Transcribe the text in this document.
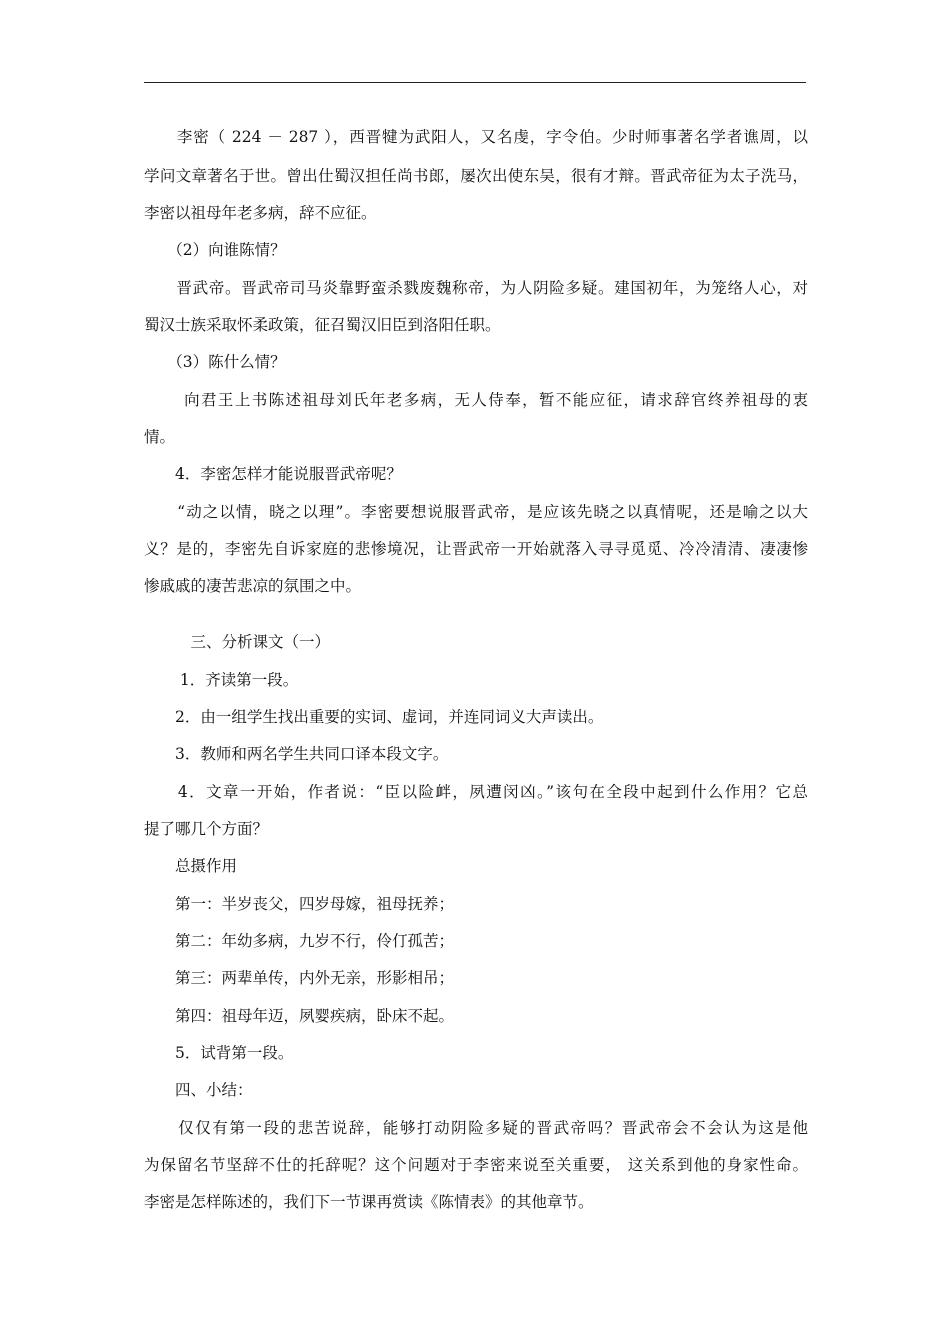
　　李密（ 224 － 287 ），西晋犍为武阳人，又名虔，字令伯。少时师事著名学者谯周，以
学问文章著名于世。曾出仕蜀汉担任尚书郎，屡次出使东吴，很有才辩。晋武帝征为太子洗马，
李密以祖母年老多病，辞不应征。
　　（2）向谁陈情？
　　晋武帝。晋武帝司马炎靠野蛮杀戮废魏称帝，为人阴险多疑。建国初年，为笼络人心，对
蜀汉士族采取怀柔政策，征召蜀汉旧臣到洛阳任职。
　　（3）陈什么情？
　　 向君王上书陈述祖母刘氏年老多病，无人侍奉，暂不能应征，请求辞官终养祖母的衷
情。
　　4．李密怎样才能说服晋武帝呢？
　　“动之以情，晓之以理”。李密要想说服晋武帝，是应该先晓之以真情呢，还是喻之以大
义？是的，李密先自诉家庭的悲惨境况，让晋武帝一开始就落入寻寻觅觅、冷冷清清、凄凄惨
惨戚戚的凄苦悲凉的氛围之中。
　　　三、分析课文（一）
　　 1．齐读第一段。
　　2．由一组学生找出重要的实词、虚词，并连同词义大声读出。
　　3．教师和两名学生共同口译本段文字。
　　4．文章一开始，作者说：“臣以险衅，夙遭闵凶。”该句在全段中起到什么作用？它总
提了哪几个方面？
　　总摄作用
　　第一：半岁丧父，四岁母嫁，祖母抚养；
　　第二：年幼多病，九岁不行，伶仃孤苦；
　　第三：两辈单传，内外无亲，形影相吊；
　　第四：祖母年迈，夙婴疾病，卧床不起。
　　5．试背第一段。
　　四、小结：
　　仅仅有第一段的悲苦说辞，能够打动阴险多疑的晋武帝吗？晋武帝会不会认为这是他
为保留名节坚辞不仕的托辞呢？这个问题对于李密来说至关重要， 这关系到他的身家性命。
李密是怎样陈述的，我们下一节课再赏读《陈情表》的其他章节。
